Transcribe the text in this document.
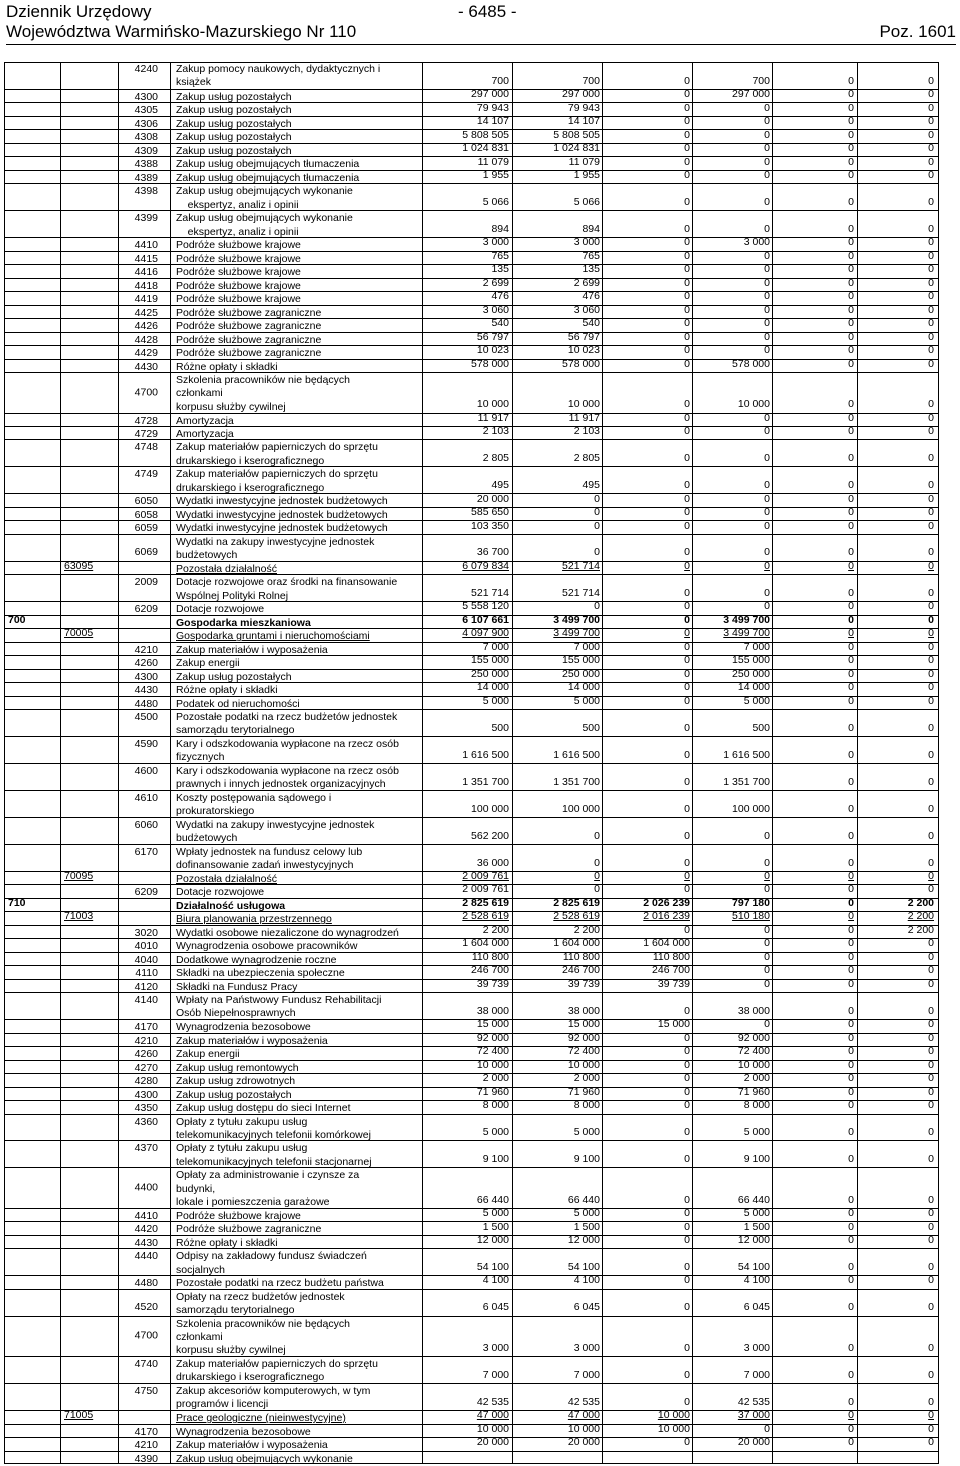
Dziennik Urzędowy
Województwa Warmińsko-Mazurskiego Nr 110
- 6485 -
Poz. 1601
4240 Zakup pomocy naukowych, dydaktycznych i
książek	700	700	0	700	0	0
4300 Zakup usług pozostałych	297 000	297 000	0	297 000	0	0
4305 Zakup usług pozostałych	79 943	79 943	0	0	0	0
4306 Zakup usług pozostałych	14 107	14 107	0	0	0	0
4308 Zakup usług pozostałych	5 808 505	5 808 505	0	0	0	0
4309 Zakup usług pozostałych	1 024 831	1 024 831	0	0	0	0
4388 Zakup usług obejmujących tłumaczenia	11 079	11 079	0	0	0	0
4389 Zakup usług obejmujących tłumaczenia	1 955	1 955	0	0	0	0
4398 Zakup usług obejmujących wykonanie
ekspertyz, analiz i opinii	5 066	5 066	0	0	0	0
4399 Zakup usług obejmujących wykonanie
ekspertyz, analiz i opinii	894	894	0	0	0	0
4410 Podróże służbowe krajowe	3 000	3 000	0	3 000	0	0
4415 Podróże służbowe krajowe	765	765	0	0	0	0
4416 Podróże służbowe krajowe	135	135	0	0	0	0
4418 Podróże służbowe krajowe	2 699	2 699	0	0	0	0
4419 Podróże służbowe krajowe	476	476	0	0	0	0
4425 Podróże służbowe zagraniczne	3 060	3 060	0	0	0	0
4426 Podróże służbowe zagraniczne	540	540	0	0	0	0
4428 Podróże służbowe zagraniczne	56 797	56 797	0	0	0	0
4429 Podróże służbowe zagraniczne	10 023	10 023	0	0	0	0
4430 Różne opłaty i składki	578 000	578 000	0	578 000	0	0
4700
Szkolenia pracowników nie będących
członkami
korpusu służby cywilnej	10 000	10 000	0	10 000	0	0
4728 Amortyzacja	11 917	11 917	0	0	0	0
4729 Amortyzacja	2 103	2 103	0	0	0	0
4748 Zakup materiałów papierniczych do sprzętu
drukarskiego i kserograficznego	2 805	2 805	0	0	0	0
4749 Zakup materiałów papierniczych do sprzętu
drukarskiego i kserograficznego	495	495	0	0	0	0
6050 Wydatki inwestycyjne jednostek budżetowych	20 000	0	0	0	0	0
6058 Wydatki inwestycyjne jednostek budżetowych	585 650	0	0	0	0	0
6059 Wydatki inwestycyjne jednostek budżetowych	103 350	0	0	0	0	0
6069
Wydatki na zakupy inwestycyjne jednostek
budżetowych	36 700	0	0	0	0	0
63095	Pozostała działalność	6 079 834	521 714	0	0	0	0
2009 Dotacje rozwojowe oraz środki na finansowanie
Wspólnej Polityki Rolnej	521 714	521 714	0	0	0	0
6209 Dotacje rozwojowe	5 558 120	0	0	0	0	0
700	Gospodarka mieszkaniowa	6 107 661	3 499 700	0	3 499 700	0	0
70005	Gospodarka gruntami i nieruchomościami	4 097 900	3 499 700	0	3 499 700	0	0
4210 Zakup materiałów i wyposażenia	7 000	7 000	0	7 000	0	0
4260 Zakup energii	155 000	155 000	0	155 000	0	0
4300 Zakup usług pozostałych	250 000	250 000	0	250 000	0	0
4430 Różne opłaty i składki	14 000	14 000	0	14 000	0	0
4480 Podatek od nieruchomości	5 000	5 000	0	5 000	0	0
4500 Pozostałe podatki na rzecz budżetów jednostek
samorządu terytorialnego	500	500	0	500	0	0
4590 Kary i odszkodowania wypłacone na rzecz osób
fizycznych	1 616 500	1 616 500	0	1 616 500	0	0
4600 Kary i odszkodowania wypłacone na rzecz osób
prawnych i innych jednostek organizacyjnych	1 351 700	1 351 700	0	1 351 700	0	0
4610 Koszty postępowania sądowego i
prokuratorskiego	100 000	100 000	0	100 000	0	0
6060 Wydatki na zakupy inwestycyjne jednostek
budżetowych	562 200	0	0	0	0	0
6170 Wpłaty jednostek na fundusz celowy lub
dofinansowanie zadań inwestycyjnych	36 000	0	0	0	0	0
70095	Pozostała działalność	2 009 761	0	0	0	0	0
6209 Dotacje rozwojowe	2 009 761	0	0	0	0	0
710	Działalność usługowa	2 825 619	2 825 619	2 026 239	797 180	0	2 200
71003	Biura planowania przestrzennego	2 528 619	2 528 619	2 016 239	510 180	0	2 200
3020 Wydatki osobowe niezaliczone do wynagrodzeń	2 200	2 200	0	0	0	2 200
4010 Wynagrodzenia osobowe pracowników	1 604 000	1 604 000	1 604 000	0	0	0
4040 Dodatkowe wynagrodzenie roczne	110 800	110 800	110 800	0	0	0
4110 Składki na ubezpieczenia społeczne	246 700	246 700	246 700	0	0	0
4120 Składki na Fundusz Pracy	39 739	39 739	39 739	0	0	0
4140 Wpłaty na Państwowy Fundusz Rehabilitacji
Osób Niepełnosprawnych	38 000	38 000	0	38 000	0	0
4170 Wynagrodzenia bezosobowe	15 000	15 000	15 000	0	0	0
4210 Zakup materiałów i wyposażenia	92 000	92 000	0	92 000	0	0
4260 Zakup energii	72 400	72 400	0	72 400	0	0
4270 Zakup usług remontowych	10 000	10 000	0	10 000	0	0
4280 Zakup usług zdrowotnych	2 000	2 000	0	2 000	0	0
4300 Zakup usług pozostałych	71 960	71 960	0	71 960	0	0
4350 Zakup usług dostępu do sieci Internet	8 000	8 000	0	8 000	0	0
4360 Opłaty z tytułu zakupu usług
telekomunikacyjnych telefonii komórkowej	5 000	5 000	0	5 000	0	0
4370 Opłaty z tytułu zakupu usług
telekomunikacyjnych telefonii stacjonarnej	9 100	9 100	0	9 100	0	0
4400
Opłaty za administrowanie i czynsze za
budynki,
lokale i pomieszczenia garażowe	66 440	66 440	0	66 440	0	0
4410 Podróże służbowe krajowe	5 000	5 000	0	5 000	0	0
4420 Podróże służbowe zagraniczne	1 500	1 500	0	1 500	0	0
4430 Różne opłaty i składki	12 000	12 000	0	12 000	0	0
4440 Odpisy na zakładowy fundusz świadczeń
socjalnych	54 100	54 100	0	54 100	0	0
4480 Pozostałe podatki na rzecz budżetu państwa	4 100	4 100	0	4 100	0	0
4520
Opłaty na rzecz budżetów jednostek
samorządu terytorialnego	6 045	6 045	0	6 045	0	0
4700
Szkolenia pracowników nie będących
członkami
korpusu służby cywilnej	3 000	3 000	0	3 000	0	0
4740 Zakup materiałów papierniczych do sprzętu
drukarskiego i kserograficznego	7 000	7 000	0	7 000	0	0
4750 Zakup akcesoriów komputerowych, w tym
programów i licencji	42 535	42 535	0	42 535	0	0
71005	Prace geologiczne (nieinwestycyjne)	47 000	47 000	10 000	37 000	0	0
4170 Wynagrodzenia bezosobowe	10 000	10 000	10 000	0	0	0
4210 Zakup materiałów i wyposażenia	20 000	20 000	0	20 000	0	0
4390 Zakup usług obejmujących wykonanie
